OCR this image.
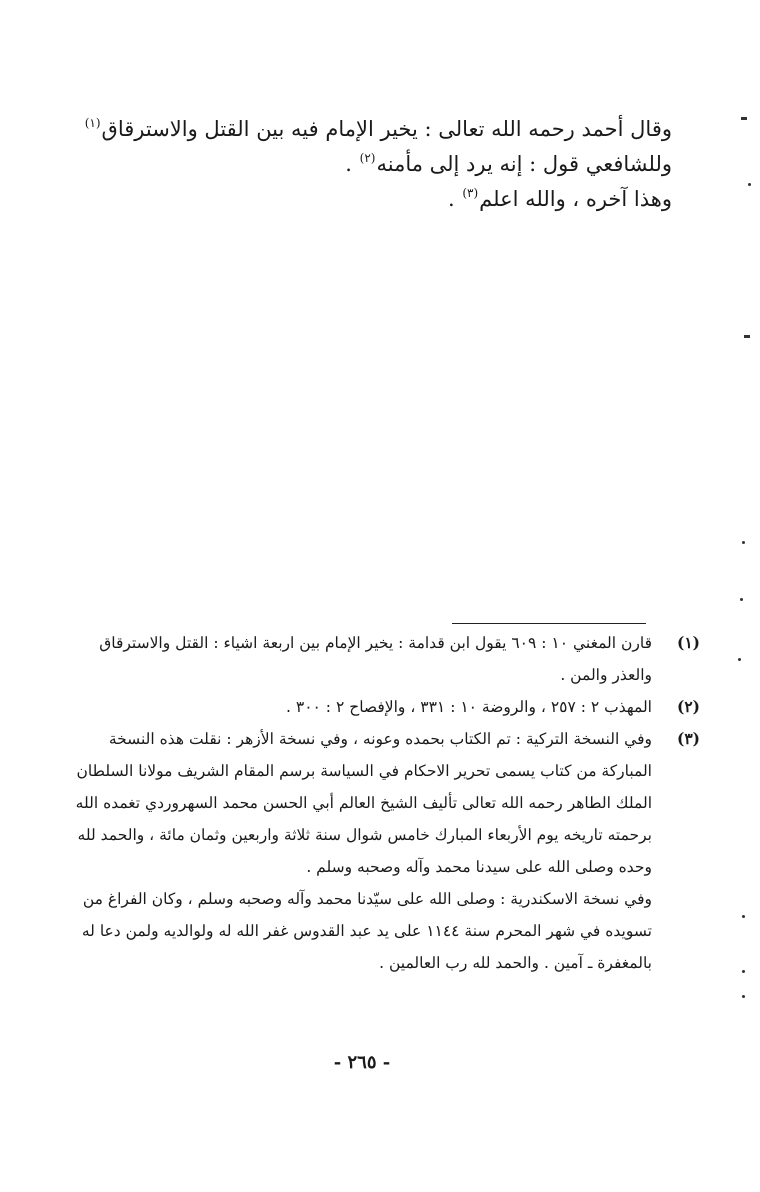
وقال أحمد رحمه الله تعالى : يخير الإمام فيه بين القتل والاسترقاق$^{(١)}$

وللشافعي قول : إنه يرد إلى مأمنه$^{(٢)}$ .

وهذا آخره ، والله اعلم$^{(٣)}$ .

(١)
قارن المغني ١٠ : ٦٠٩ يقول ابن قدامة : يخير الإمام بين اربعة اشياء : القتل والاسترقاق
والعذر والمن .
(٢)
المهذب ٢ : ٢٥٧ ، والروضة ١٠ : ٣٣١ ، والإفصاح ٢ : ٣٠٠ .
(٣)
وفي النسخة التركية : تم الكتاب بحمده وعونه ، وفي نسخة الأزهر : نقلت هذه النسخة
المباركة من كتاب يسمى تحرير الاحكام في السياسة برسم المقام الشريف مولانا السلطان
الملك الطاهر رحمه الله تعالى تأليف الشيخ العالم أبي الحسن محمد السهروردي تغمده الله
برحمته تاريخه يوم الأربعاء المبارك خامس شوال سنة ثلاثة واربعين وثمان مائة ، والحمد لله
وحده وصلى الله على سيدنا محمد وآله وصحبه وسلم .
وفي نسخة الاسكندرية : وصلى الله على سيّدنا محمد وآله وصحبه وسلم ، وكان الفراغ من
تسويده في شهر المحرم سنة ١١٤٤ على يد عبد القدوس غفر الله له ولوالديه ولمن دعا له
بالمغفرة ـ آمين . والحمد لله رب العالمين .
- ٢٦٥ -
